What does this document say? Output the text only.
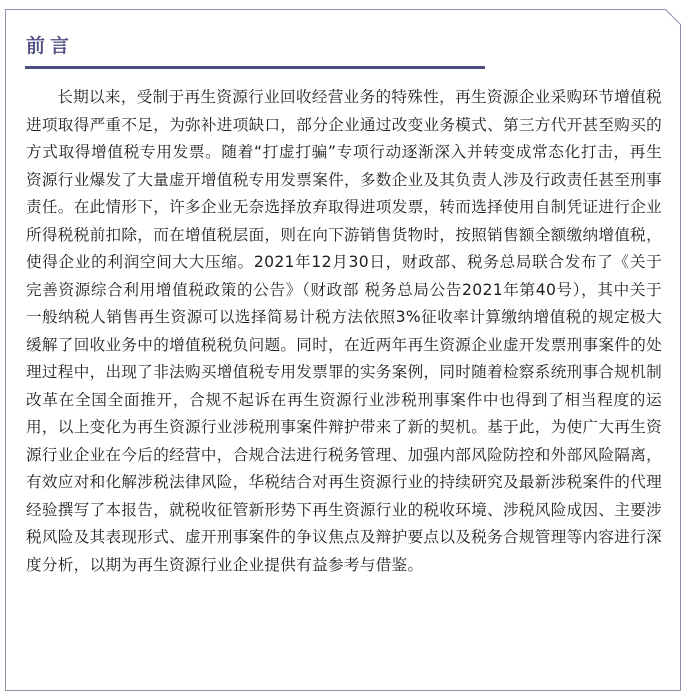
前言

长期以来，受制于再生资源行业回收经营业务的特殊性，再生资源企业采购环节增值税进项取得严重不足，为弥补进项缺口，部分企业通过改变业务模式、第三方代开甚至购买的方式取得增值税专用发票。随着“打虚打骗”专项行动逐渐深入并转变成常态化打击，再生资源行业爆发了大量虚开增值税专用发票案件，多数企业及其负责人涉及行政责任甚至刑事责任。在此情形下，许多企业无奈选择放弃取得进项发票，转而选择使用自制凭证进行企业所得税税前扣除，而在增值税层面，则在向下游销售货物时，按照销售额全额缴纳增值税，使得企业的利润空间大大压缩。2021年12月30日，财政部、税务总局联合发布了《关于完善资源综合利用增值税政策的公告》（财政部 税务总局公告2021年第40号），其中关于一般纳税人销售再生资源可以选择简易计税方法依照3%征收率计算缴纳增值税的规定极大缓解了回收业务中的增值税税负问题。同时，在近两年再生资源企业虚开发票刑事案件的处理过程中，出现了非法购买增值税专用发票罪的实务案例，同时随着检察系统刑事合规机制改革在全国全面推开，合规不起诉在再生资源行业涉税刑事案件中也得到了相当程度的运用，以上变化为再生资源行业涉税刑事案件辩护带来了新的契机。基于此，为使广大再生资源行业企业在今后的经营中，合规合法进行税务管理、加强内部风险防控和外部风险隔离，有效应对和化解涉税法律风险，华税结合对再生资源行业的持续研究及最新涉税案件的代理经验撰写了本报告，就税收征管新形势下再生资源行业的税收环境、涉税风险成因、主要涉税风险及其表现形式、虚开刑事案件的争议焦点及辩护要点以及税务合规管理等内容进行深度分析，以期为再生资源行业企业提供有益参考与借鉴。
